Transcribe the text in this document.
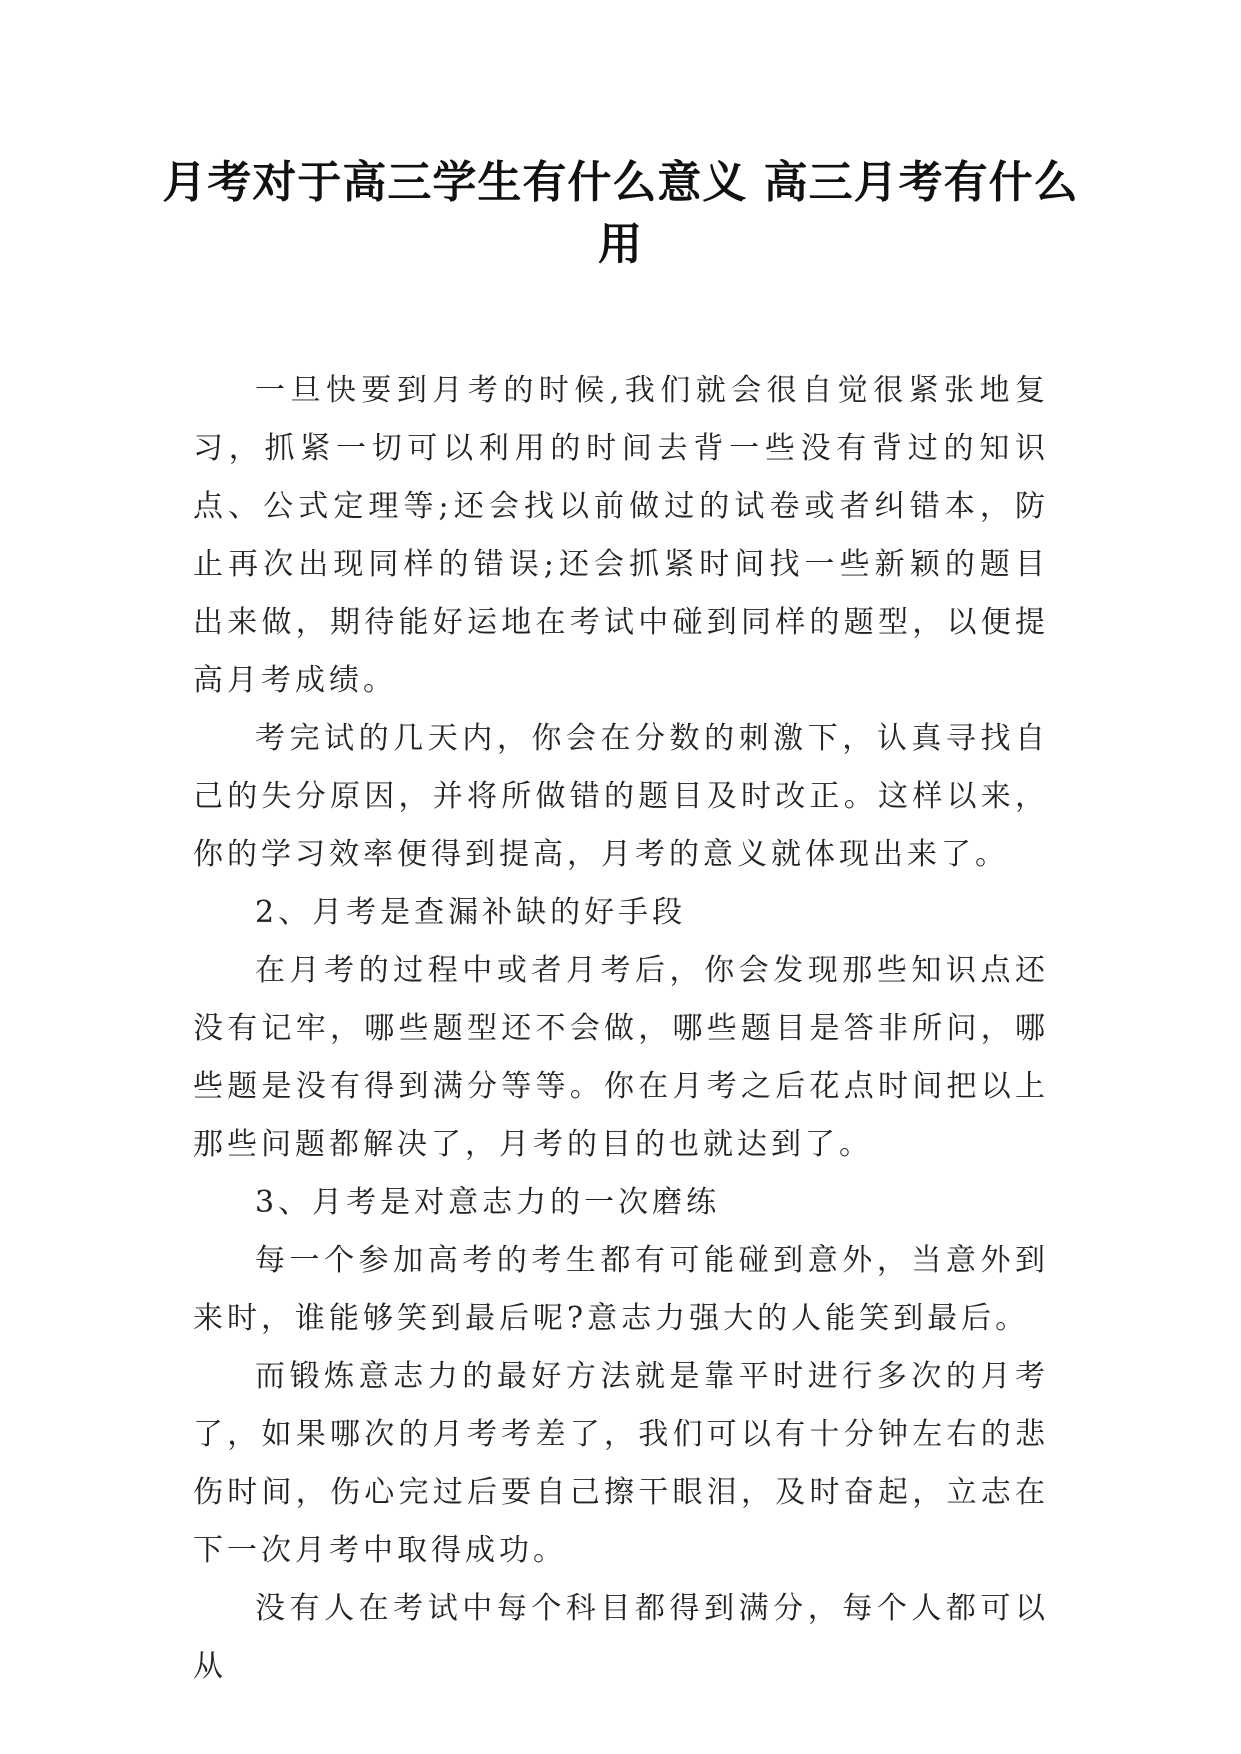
月考对于高三学生有什么意义 高三月考有什么用

一旦快要到月考的时候,我们就会很自觉很紧张地复习，抓紧一切可以利用的时间去背一些没有背过的知识点、公式定理等;还会找以前做过的试卷或者纠错本，防止再次出现同样的错误;还会抓紧时间找一些新颖的题目出来做，期待能好运地在考试中碰到同样的题型，以便提高月考成绩。

考完试的几天内，你会在分数的刺激下，认真寻找自己的失分原因，并将所做错的题目及时改正。这样以来，你的学习效率便得到提高，月考的意义就体现出来了。

2、月考是查漏补缺的好手段

在月考的过程中或者月考后，你会发现那些知识点还没有记牢，哪些题型还不会做，哪些题目是答非所问，哪些题是没有得到满分等等。你在月考之后花点时间把以上那些问题都解决了，月考的目的也就达到了。

3、月考是对意志力的一次磨练

每一个参加高考的考生都有可能碰到意外，当意外到来时，谁能够笑到最后呢?意志力强大的人能笑到最后。

而锻炼意志力的最好方法就是靠平时进行多次的月考了，如果哪次的月考考差了，我们可以有十分钟左右的悲伤时间，伤心完过后要自己擦干眼泪，及时奋起，立志在下一次月考中取得成功。

没有人在考试中每个科目都得到满分，每个人都可以从
